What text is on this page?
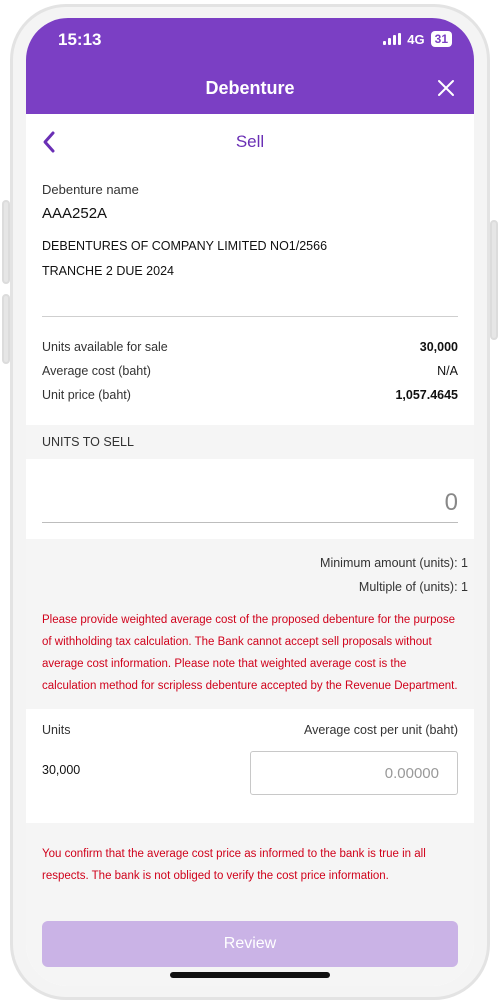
15:13	4G 31
Debenture
Sell
Debenture name
AAA252A
DEBENTURES OF COMPANY LIMITED NO1/2566
TRANCHE 2 DUE 2024
Units available for sale	30,000
Average cost (baht)	N/A
Unit price (baht)	1,057.4645
UNITS TO SELL
0
Minimum amount (units): 1
Multiple of (units): 1
Please provide weighted average cost of the proposed debenture for the purpose of withholding tax calculation. The Bank cannot accept sell proposals without average cost information. Please note that weighted average cost is the calculation method for scripless debenture accepted by the Revenue Department.
Units	Average cost per unit (baht)
30,000	0.00000
You confirm that the average cost price as informed to the bank is true in all respects. The bank is not obliged to verify the cost price information.
Review
